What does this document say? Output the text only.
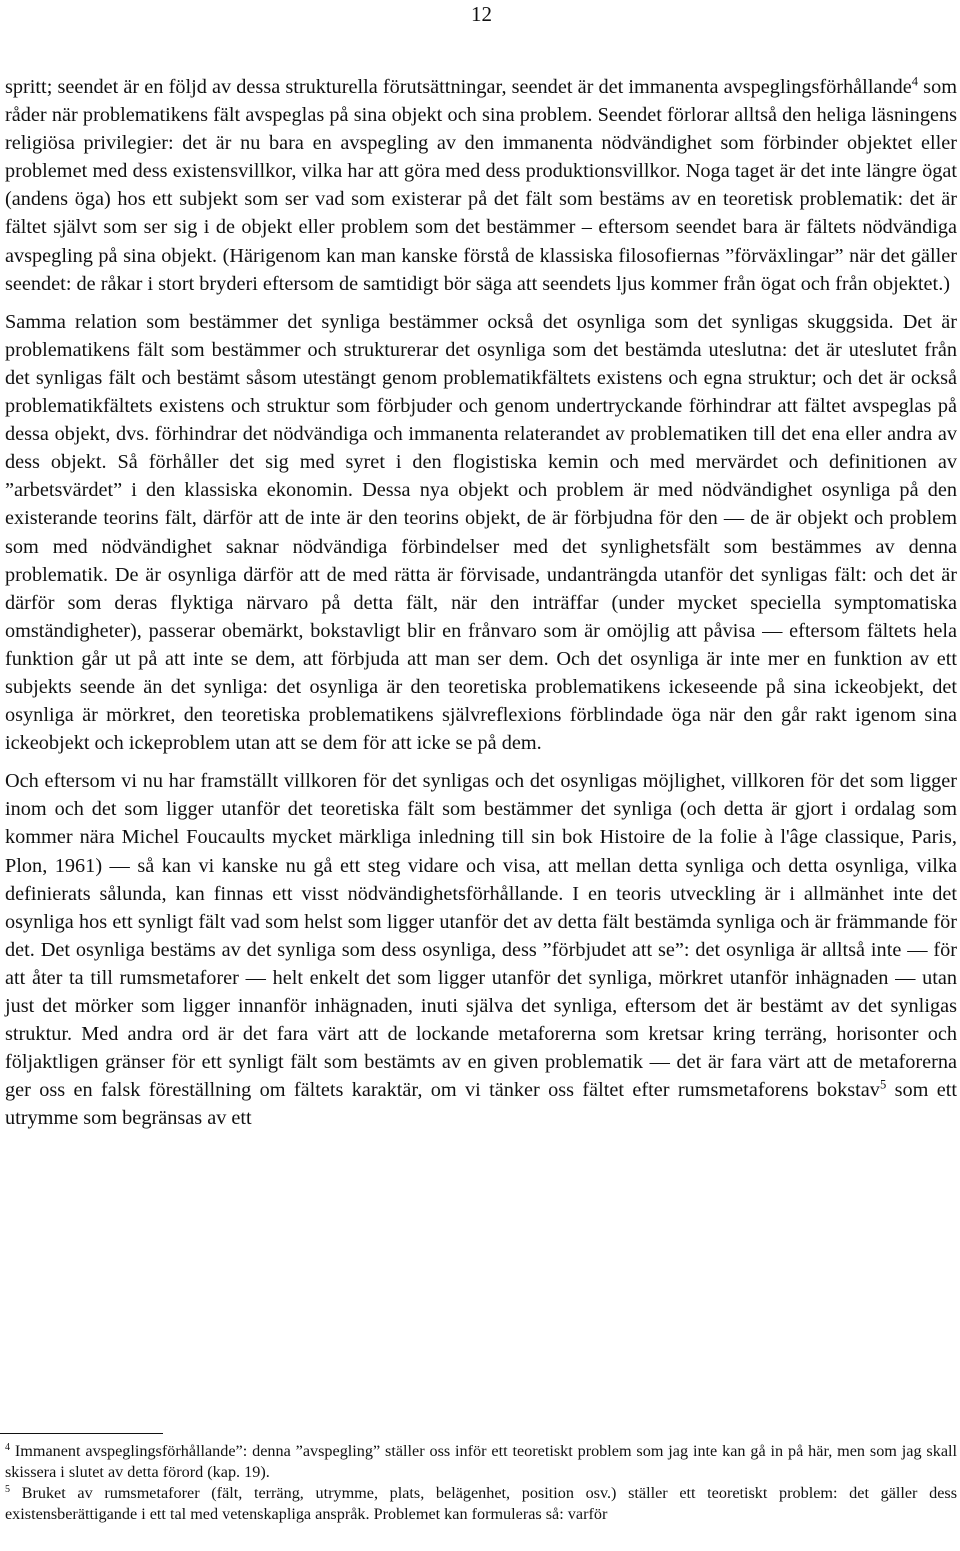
12

spritt; seendet är en följd av dessa strukturella förutsättningar, seendet är det immanenta avspeglingsförhållande$^4$ som råder när problematikens fält avspeglas på sina objekt och sina problem. Seendet förlorar alltså den heliga läsningens religiösa privilegier: det är nu bara en avspegling av den immanenta nödvändighet som förbinder objektet eller problemet med dess existensvillkor, vilka har att göra med dess produktionsvillkor. Noga taget är det inte längre ögat (andens öga) hos ett subjekt som ser vad som existerar på det fält som bestäms av en teoretisk problematik: det är fältet självt som ser sig i de objekt eller problem som det bestämmer – eftersom seendet bara är fältets nödvändiga avspegling på sina objekt. (Härigenom kan man kanske förstå de klassiska filosofiernas ”förväxlingar” när det gäller seendet: de råkar i stort bryderi eftersom de samtidigt bör säga att seendets ljus kommer från ögat och från objektet.)

Samma relation som bestämmer det synliga bestämmer också det osynliga som det synligas skuggsida. Det är problematikens fält som bestämmer och strukturerar det osynliga som det bestämda uteslutna: det är uteslutet från det synligas fält och bestämt såsom utestängt genom problematikfältets existens och egna struktur; och det är också problematikfältets existens och struktur som förbjuder och genom undertryckande förhindrar att fältet avspeglas på dessa objekt, dvs. förhindrar det nödvändiga och immanenta relaterandet av problematiken till det ena eller andra av dess objekt. Så förhåller det sig med syret i den flogistiska kemin och med mervärdet och definitionen av ”arbetsvärdet” i den klassiska ekonomin. Dessa nya objekt och problem är med nödvändighet osynliga på den existerande teorins fält, därför att de inte är den teorins objekt, de är förbjudna för den — de är objekt och problem som med nödvändighet saknar nödvändiga förbindelser med det synlighetsfält som bestämmes av denna problematik. De är osynliga därför att de med rätta är förvisade, undanträngda utanför det synligas fält: och det är därför som deras flyktiga närvaro på detta fält, när den inträffar (under mycket speciella symptomatiska omständigheter), passerar obemärkt, bokstavligt blir en frånvaro som är omöjlig att påvisa — eftersom fältets hela funktion går ut på att inte se dem, att förbjuda att man ser dem. Och det osynliga är inte mer en funktion av ett subjekts seende än det synliga: det osynliga är den teoretiska problematikens ickeseende på sina ickeobjekt, det osynliga är mörkret, den teoretiska problematikens självreflexions förblindade öga när den går rakt igenom sina ickeobjekt och ickeproblem utan att se dem för att icke se på dem.

Och eftersom vi nu har framställt villkoren för det synligas och det osynligas möjlighet, villkoren för det som ligger inom och det som ligger utanför det teoretiska fält som bestämmer det synliga (och detta är gjort i ordalag som kommer nära Michel Foucaults mycket märkliga inledning till sin bok Histoire de la folie à l'âge classique, Paris, Plon, 1961) — så kan vi kanske nu gå ett steg vidare och visa, att mellan detta synliga och detta osynliga, vilka definierats sålunda, kan finnas ett visst nödvändighetsförhållande. I en teoris utveckling är i allmänhet inte det osynliga hos ett synligt fält vad som helst som ligger utanför det av detta fält bestämda synliga och är främmande för det. Det osynliga bestäms av det synliga som dess osynliga, dess ”förbjudet att se”: det osynliga är alltså inte — för att åter ta till rumsmetaforer — helt enkelt det som ligger utanför det synliga, mörkret utanför inhägnaden — utan just det mörker som ligger innanför inhägnaden, inuti själva det synliga, eftersom det är bestämt av det synligas struktur. Med andra ord är det fara värt att de lockande metaforerna som kretsar kring terräng, horisonter och följaktligen gränser för ett synligt fält som bestämts av en given problematik — det är fara värt att de metaforerna ger oss en falsk föreställning om fältets karaktär, om vi tänker oss fältet efter rumsmetaforens bokstav$^5$ som ett utrymme som begränsas av ett

$^4$ Immanent avspeglingsförhållande”: denna ”avspegling” ställer oss inför ett teoretiskt problem som jag inte kan gå in på här, men som jag skall skissera i slutet av detta förord (kap. 19).

$^5$ Bruket av rumsmetaforer (fält, terräng, utrymme, plats, belägenhet, position osv.) ställer ett teoretiskt problem: det gäller dess existensberättigande i ett tal med vetenskapliga anspråk. Problemet kan formuleras så: varför
